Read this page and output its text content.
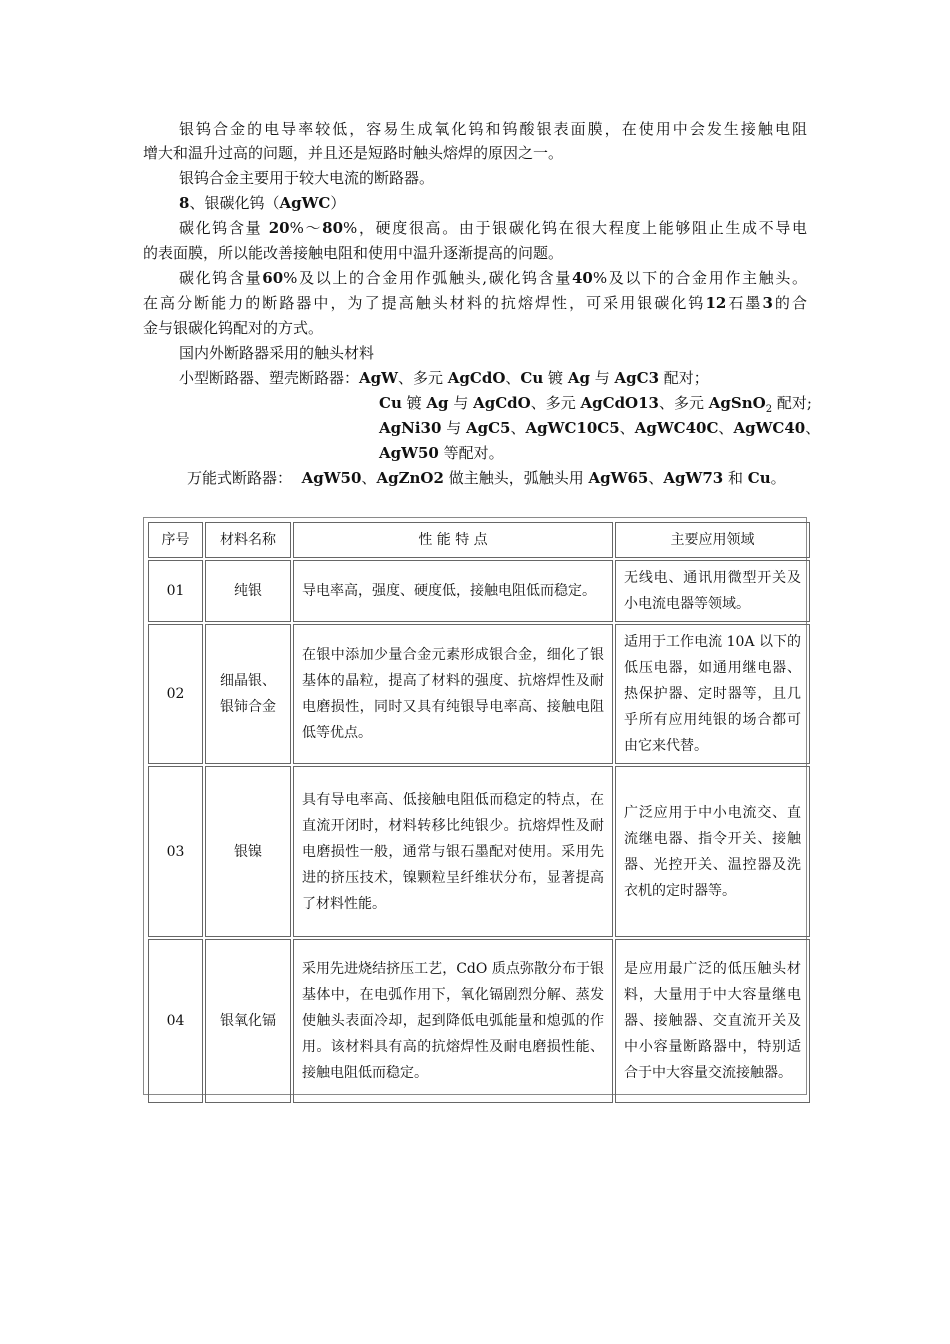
银钨合金的电导率较低，容易生成氧化钨和钨酸银表面膜，在使用中会发生接触电阻
增大和温升过高的问题，并且还是短路时触头熔焊的原因之一。
银钨合金主要用于较大电流的断路器。
8、银碳化钨（AgWC）
碳化钨含量 20%～80%，硬度很高。由于银碳化钨在很大程度上能够阻止生成不导电
的表面膜，所以能改善接触电阻和使用中温升逐渐提高的问题。
碳化钨含量60%及以上的合金用作弧触头,碳化钨含量40%及以下的合金用作主触头。
在高分断能力的断路器中，为了提高触头材料的抗熔焊性，可采用银碳化钨12石墨3的合
金与银碳化钨配对的方式。
国内外断路器采用的触头材料
小型断路器、塑壳断路器：AgW、多元 AgCdO、Cu 镀 Ag 与 AgC3 配对；
Cu 镀 Ag 与 AgCdO、多元 AgCdO13、多元 AgSnO$_2$ 配对;
AgNi30 与 AgC5、AgWC10C5、AgWC40C、AgWC40、
AgW50 等配对。
万能式断路器： AgW50、AgZnO2 做主触头，弧触头用 AgW65、AgW73 和 Cu。
序号	材料名称	性 能 特 点	主要应用领域
01	纯银	导电率高，强度、硬度低，接触电阻低而稳定。	无线电、通讯用微型开关及小电流电器等领域。
02	细晶银、银铈合金	在银中添加少量合金元素形成银合金，细化了银基体的晶粒，提高了材料的强度、抗熔焊性及耐电磨损性，同时又具有纯银导电率高、接触电阻低等优点。	适用于工作电流 10A 以下的低压电器，如通用继电器、热保护器、定时器等，且几乎所有应用纯银的场合都可由它来代替。
03	银镍	具有导电率高、低接触电阻低而稳定的特点，在直流开闭时，材料转移比纯银少。抗熔焊性及耐电磨损性一般，通常与银石墨配对使用。采用先进的挤压技术，镍颗粒呈纤维状分布，显著提高了材料性能。	广泛应用于中小电流交、直流继电器、指令开关、接触器、光控开关、温控器及洗衣机的定时器等。
04	银氧化镉	采用先进烧结挤压工艺，CdO 质点弥散分布于银基体中，在电弧作用下，氧化镉剧烈分解、蒸发使触头表面冷却，起到降低电弧能量和熄弧的作用。该材料具有高的抗熔焊性及耐电磨损性能、接触电阻低而稳定。	是应用最广泛的低压触头材料，大量用于中大容量继电器、接触器、交直流开关及中小容量断路器中，特别适合于中大容量交流接触器。
